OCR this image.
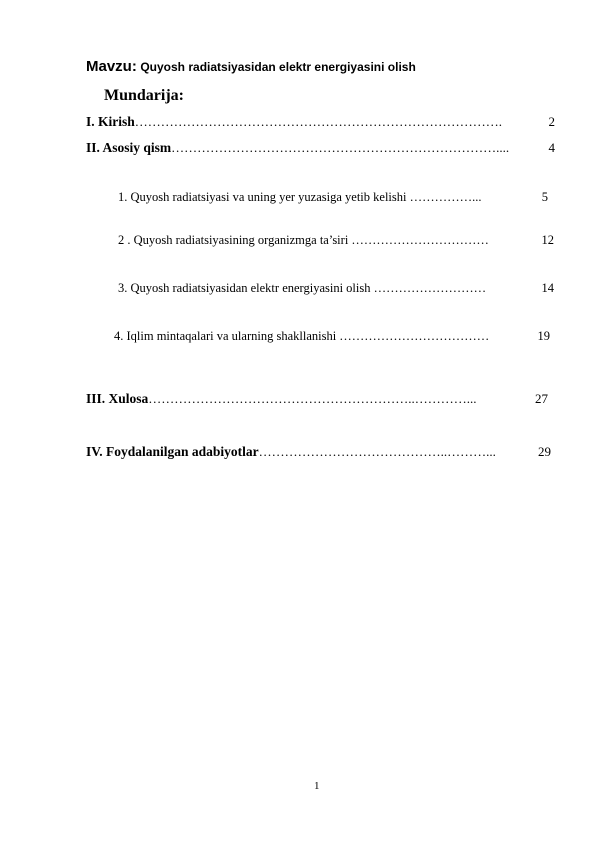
Mavzu: Quyosh radiatsiyasidan elektr energiyasini olish
Mundarija:
I. Kirish ………………………………………………………………………….	2
II. Asosiy qism …………………………………………………………………....	4
1. Quyosh radiatsiyasi va uning yer yuzasiga yetib kelishi ……………...	5
2 . Quyosh radiatsiyasining organizmga ta’siri ……………………………	12
3. Quyosh radiatsiyasidan elektr energiyasini olish ………………………	14
4. Iqlim mintaqalari va ularning shakllanishi ………………………………	19
III. Xulosa ……………………………………………………..…………...	27
IV. Foydalanilgan adabiyotlar ……………………………………..………...	29
1
